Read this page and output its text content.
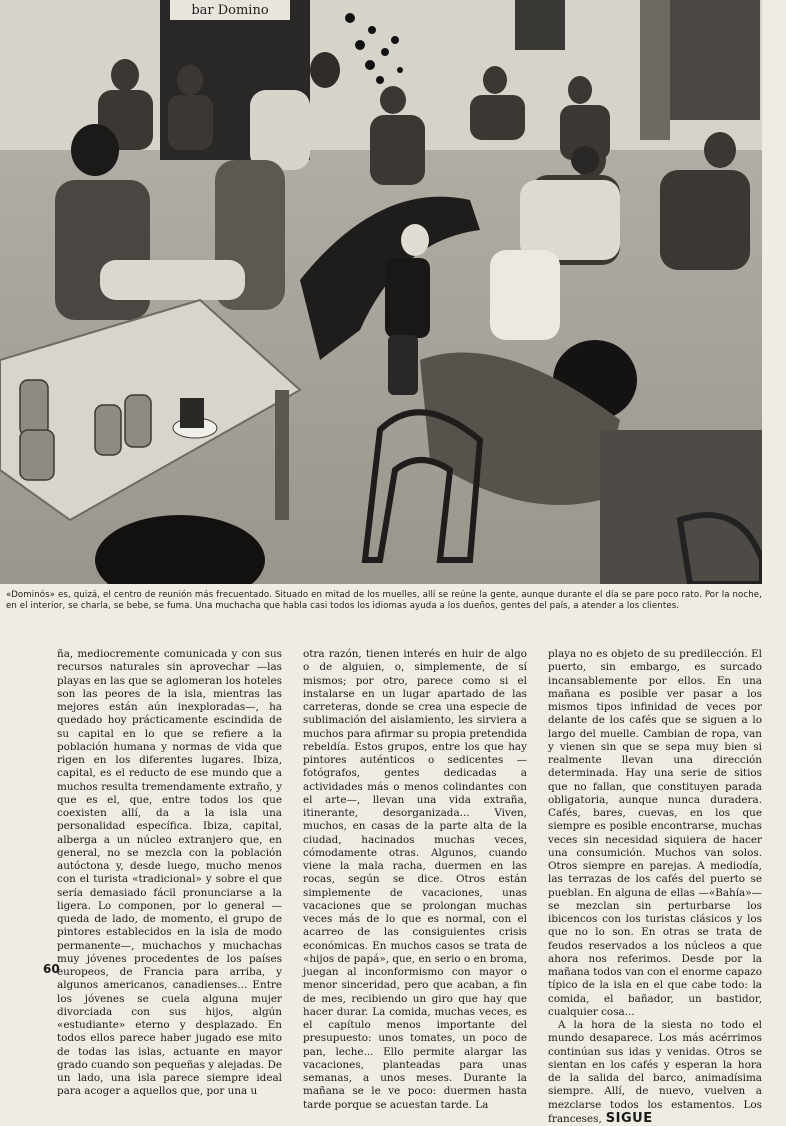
bar Domino
«Dominós» es, quizá, el centro de reunión más frecuentado. Situado en mitad de los muelles, allí se reúne la gente, aunque durante el día se pare poco rato. Por la noche, en el interior, se charla, se bebe, se fuma. Una muchacha que habla casi todos los idiomas ayuda a los dueños, gentes del país, a atender a los clientes.

ña, mediocremente comunicada y con sus recursos naturales sin aprovechar —las playas en las que se aglomeran los hoteles son las peores de la isla, mientras las mejores están aún inexploradas—, ha quedado hoy prácticamente escindida de su capital en lo que se refiere a la población humana y normas de vida que rigen en los diferentes lugares. Ibiza, capital, es el reducto de ese mundo que a muchos resulta tremendamente extraño, y que es el, que, entre todos los que coexisten allí, da a la isla una personalidad específica. Ibiza, capital, alberga a un núcleo extranjero que, en general, no se mezcla con la población autóctona y, desde luego, mucho menos con el turista «tradicional» y sobre el que sería demasiado fácil pronunciarse a la ligera. Lo componen, por lo general —queda de lado, de momento, el grupo de pintores establecidos en la isla de modo permanente—, muchachos y muchachas muy jóvenes procedentes de los países europeos, de Francia para arriba, y algunos americanos, canadienses... Entre los jóvenes se cuela alguna mujer divorciada con sus hijos, algún «estudiante» eterno y desplazado. En todos ellos parece haber jugado ese mito de todas las islas, actuante en mayor grado cuando son pequeñas y alejadas. De un lado, una isla parece siempre ideal para acoger a aquellos que, por una u

otra razón, tienen interés en huir de algo o de alguien, o, simplemente, de sí mismos; por otro, parece como si el instalarse en un lugar apartado de las carreteras, donde se crea una especie de sublimación del aislamiento, les sirviera a muchos para afirmar su propia pretendida rebeldía. Estos grupos, entre los que hay pintores auténticos o sedicentes —fotógrafos, gentes dedicadas a actividades más o menos colindantes con el arte—, llevan una vida extraña, itinerante, desorganizada... Viven, muchos, en casas de la parte alta de la ciudad, hacinados muchas veces, cómodamente otras. Algunos, cuando viene la mala racha, duermen en las rocas, según se dice. Otros están simplemente de vacaciones, unas vacaciones que se prolongan muchas veces más de lo que es normal, con el acarreo de las consiguientes crisis económicas. En muchos casos se trata de «hijos de papá», que, en serio o en broma, juegan al inconformismo con mayor o menor sinceridad, pero que acaban, a fin de mes, recibiendo un giro que hay que hacer durar. La comida, muchas veces, es el capítulo menos importante del presupuesto: unos tomates, un poco de pan, leche... Ello permite alargar las vacaciones, planteadas para unas semanas, a unos meses. Durante la mañana se le ve poco: duermen hasta tarde porque se acuestan tarde. La

playa no es objeto de su predilección. El puerto, sin embargo, es surcado incansablemente por ellos. En una mañana es posible ver pasar a los mismos tipos infinidad de veces por delante de los cafés que se siguen a lo largo del muelle. Cambian de ropa, van y vienen sin que se sepa muy bien si realmente llevan una dirección determinada. Hay una serie de sitios que no fallan, que constituyen parada obligatoria, aunque nunca duradera. Cafés, bares, cuevas, en los que siempre es posible encontrarse, muchas veces sin necesidad siquiera de hacer una consumición. Muchos van solos. Otros siempre en parejas. A mediodía, las terrazas de los cafés del puerto se pueblan. En alguna de ellas —«Bahía»— se mezclan sin perturbarse los ibicencos con los turistas clásicos y los que no lo son. En otras se trata de feudos reservados a los núcleos a que ahora nos referimos. Desde por la mañana todos van con el enorme capazo típico de la isla en el que cabe todo: la comida, el bañador, un bastidor, cualquier cosa...

A la hora de la siesta no todo el mundo desaparece. Los más acérrimos continúan sus idas y venidas. Otros se sientan en los cafés y esperan la hora de la salida del barco, animadísima siempre. Allí, de nuevo, vuelven a mezclarse todos los estamentos. Los franceses, SIGUE

60
